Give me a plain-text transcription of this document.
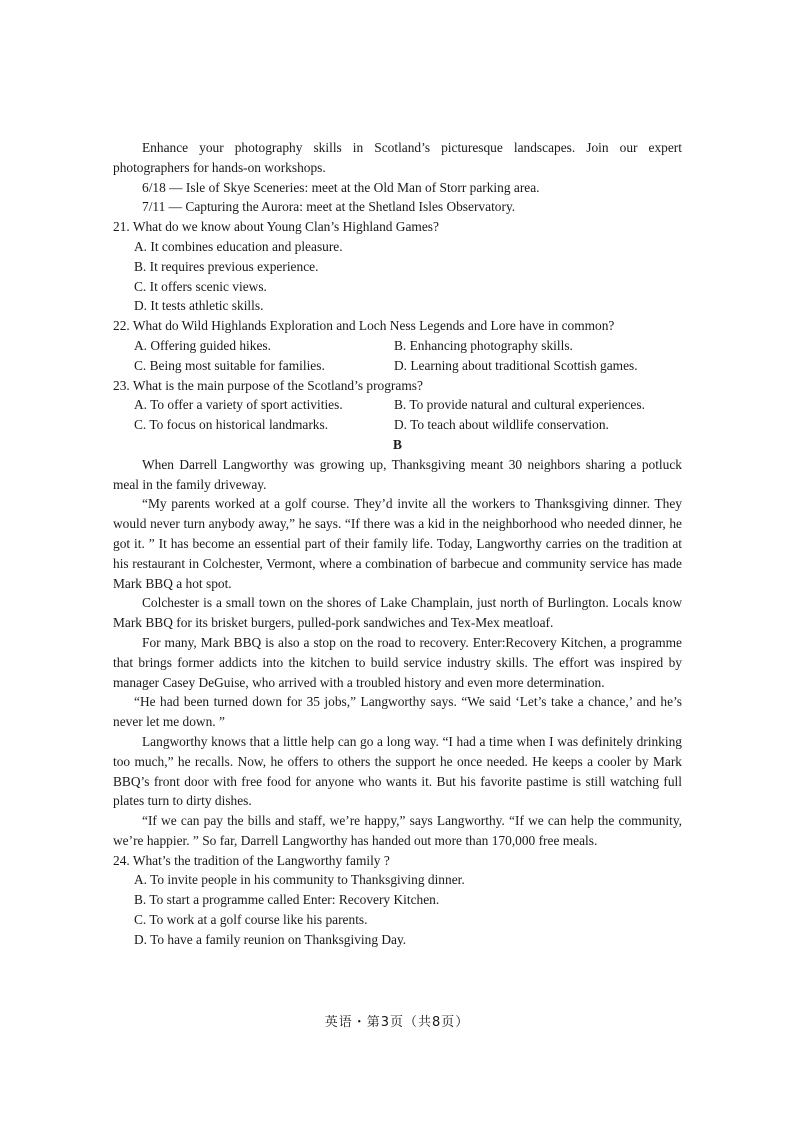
Enhance your photography skills in Scotland’s picturesque landscapes. Join our expert photographers for hands-on workshops.

6/18 — Isle of Skye Sceneries: meet at the Old Man of Storr parking area.

7/11 — Capturing the Aurora: meet at the Shetland Isles Observatory.

21. What do we know about Young Clan’s Highland Games?

A. It combines education and pleasure.

B. It requires previous experience.

C. It offers scenic views.

D. It tests athletic skills.

22. What do Wild Highlands Exploration and Loch Ness Legends and Lore have in common?

A. Offering guided hikes.	B. Enhancing photography skills.
C. Being most suitable for families.	D. Learning about traditional Scottish games.

23. What is the main purpose of the Scotland’s programs?

A. To offer a variety of sport activities.	B. To provide natural and cultural experiences.
C. To focus on historical landmarks.	D. To teach about wildlife conservation.

B

When Darrell Langworthy was growing up, Thanksgiving meant 30 neighbors sharing a potluck meal in the family driveway.

“My parents worked at a golf course. They’d invite all the workers to Thanksgiving dinner. They would never turn anybody away,” he says. “If there was a kid in the neighborhood who needed dinner, he got it. ” It has become an essential part of their family life. Today, Langworthy carries on the tradition at his restaurant in Colchester, Vermont, where a combination of barbecue and community service has made Mark BBQ a hot spot.

Colchester is a small town on the shores of Lake Champlain, just north of Burlington. Locals know Mark BBQ for its brisket burgers, pulled-pork sandwiches and Tex-Mex meatloaf.

For many, Mark BBQ is also a stop on the road to recovery. Enter:Recovery Kitchen, a programme that brings former addicts into the kitchen to build service industry skills. The effort was inspired by manager Casey DeGuise, who arrived with a troubled history and even more determination.

“He had been turned down for 35 jobs,” Langworthy says. “We said ‘Let’s take a chance,’ and he’s never let me down. ”

Langworthy knows that a little help can go a long way. “I had a time when I was definitely drinking too much,” he recalls. Now, he offers to others the support he once needed. He keeps a cooler by Mark BBQ’s front door with free food for anyone who wants it. But his favorite pastime is still watching full plates turn to dirty dishes.

“If we can pay the bills and staff, we’re happy,” says Langworthy. “If we can help the community, we’re happier. ” So far, Darrell Langworthy has handed out more than 170,000 free meals.

24. What’s the tradition of the Langworthy family ?

A. To invite people in his community to Thanksgiving dinner.

B. To start a programme called Enter: Recovery Kitchen.

C. To work at a golf course like his parents.

D. To have a family reunion on Thanksgiving Day.

英语・第3页（共8页）
